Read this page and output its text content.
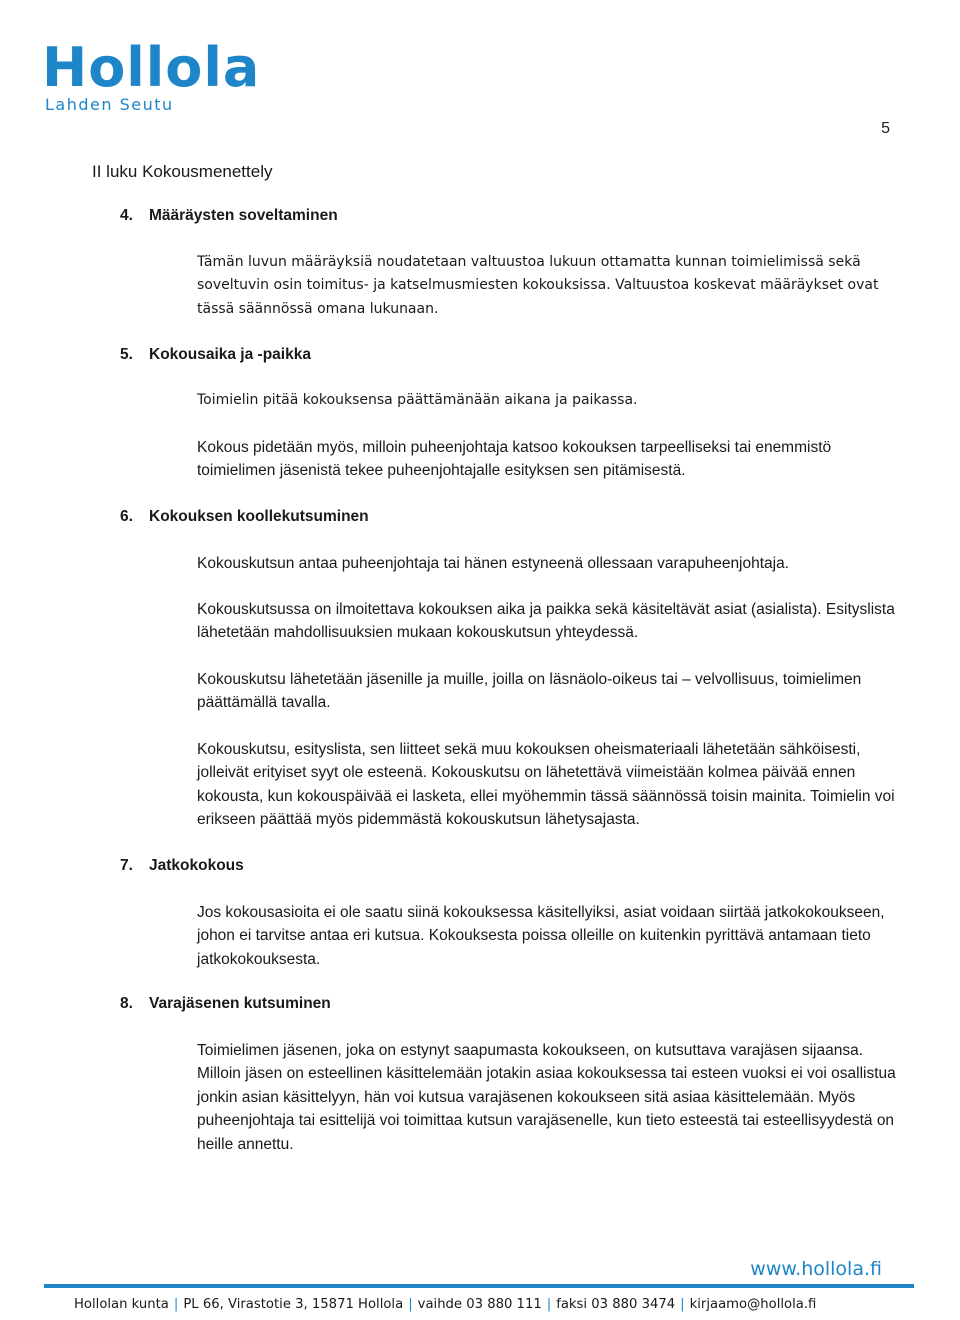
Hollola
Lahden Seutu
5
II luku Kokousmenettely
4. Määräysten soveltaminen
Tämän luvun määräyksiä noudatetaan valtuustoa lukuun ottamatta kunnan toimielimissä sekä soveltuvin osin toimitus- ja katselmusmiesten kokouksissa. Valtuustoa koskevat määräykset ovat tässä säännössä omana lukunaan.
5. Kokousaika ja -paikka
Toimielin pitää kokouksensa päättämänään aikana ja paikassa.
Kokous pidetään myös, milloin puheenjohtaja katsoo kokouksen tarpeelliseksi tai enemmistö toimielimen jäsenistä tekee puheenjohtajalle esityksen sen pitämisestä.
6. Kokouksen koollekutsuminen
Kokouskutsun antaa puheenjohtaja tai hänen estyneenä ollessaan varapuheenjohtaja.
Kokouskutsussa on ilmoitettava kokouksen aika ja paikka sekä käsiteltävät asiat (asialista). Esityslista lähetetään mahdollisuuksien mukaan kokouskutsun yhteydessä.
Kokouskutsu lähetetään jäsenille ja muille, joilla on läsnäolo-oikeus tai – velvollisuus, toimielimen päättämällä tavalla.
Kokouskutsu, esityslista, sen liitteet sekä muu kokouksen oheismateriaali lähetetään sähköisesti, jolleivät erityiset syyt ole esteenä. Kokouskutsu on lähetettävä viimeistään kolmea päivää ennen kokousta, kun kokouspäivää ei lasketa, ellei myöhemmin tässä säännössä toisin mainita. Toimielin voi erikseen päättää myös pidemmästä kokouskutsun lähetysajasta.
7. Jatkokokous
Jos kokousasioita ei ole saatu siinä kokouksessa käsitellyiksi, asiat voidaan siirtää jatkokokoukseen, johon ei tarvitse antaa eri kutsua. Kokouksesta poissa olleille on kuitenkin pyrittävä antamaan tieto jatkokokouksesta.
8. Varajäsenen kutsuminen
Toimielimen jäsenen, joka on estynyt saapumasta kokoukseen, on kutsuttava varajäsen sijaansa. Milloin jäsen on esteellinen käsittelemään jotakin asiaa kokouksessa tai esteen vuoksi ei voi osallistua jonkin asian käsittelyyn, hän voi kutsua varajäsenen kokoukseen sitä asiaa käsittelemään. Myös puheenjohtaja tai esittelijä voi toimittaa kutsun varajäsenelle, kun tieto esteestä tai esteellisyydestä on heille annettu.
www.hollola.fi
Hollolan kunta | PL 66, Virastotie 3, 15871 Hollola | vaihde 03 880 111 | faksi 03 880 3474 | kirjaamo@hollola.fi
